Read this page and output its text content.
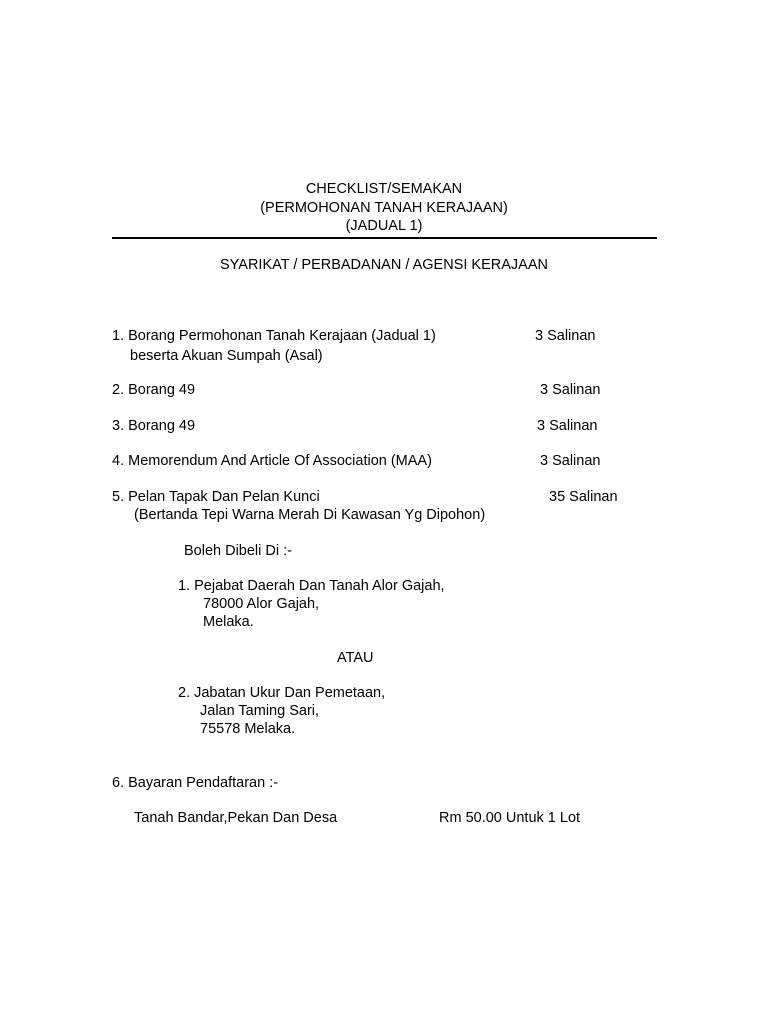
CHECKLIST/SEMAKAN
(PERMOHONAN TANAH KERAJAAN)
(JADUAL 1)
SYARIKAT / PERBADANAN / AGENSI KERAJAAN
1. Borang Permohonan Tanah Kerajaan (Jadual 1)	3 Salinan
beserta Akuan Sumpah (Asal)
2. Borang 49	3 Salinan
3. Borang 49	3 Salinan
4. Memorendum And Article Of Association (MAA)	3 Salinan
5. Pelan Tapak Dan Pelan Kunci	35 Salinan
(Bertanda Tepi Warna Merah Di Kawasan Yg Dipohon)
Boleh Dibeli Di :-
1. Pejabat Daerah Dan Tanah Alor Gajah,
78000 Alor Gajah,
Melaka.
ATAU
2. Jabatan Ukur Dan Pemetaan,
Jalan Taming Sari,
75578 Melaka.
6. Bayaran Pendaftaran :-
Tanah Bandar,Pekan Dan Desa	Rm 50.00 Untuk 1 Lot
